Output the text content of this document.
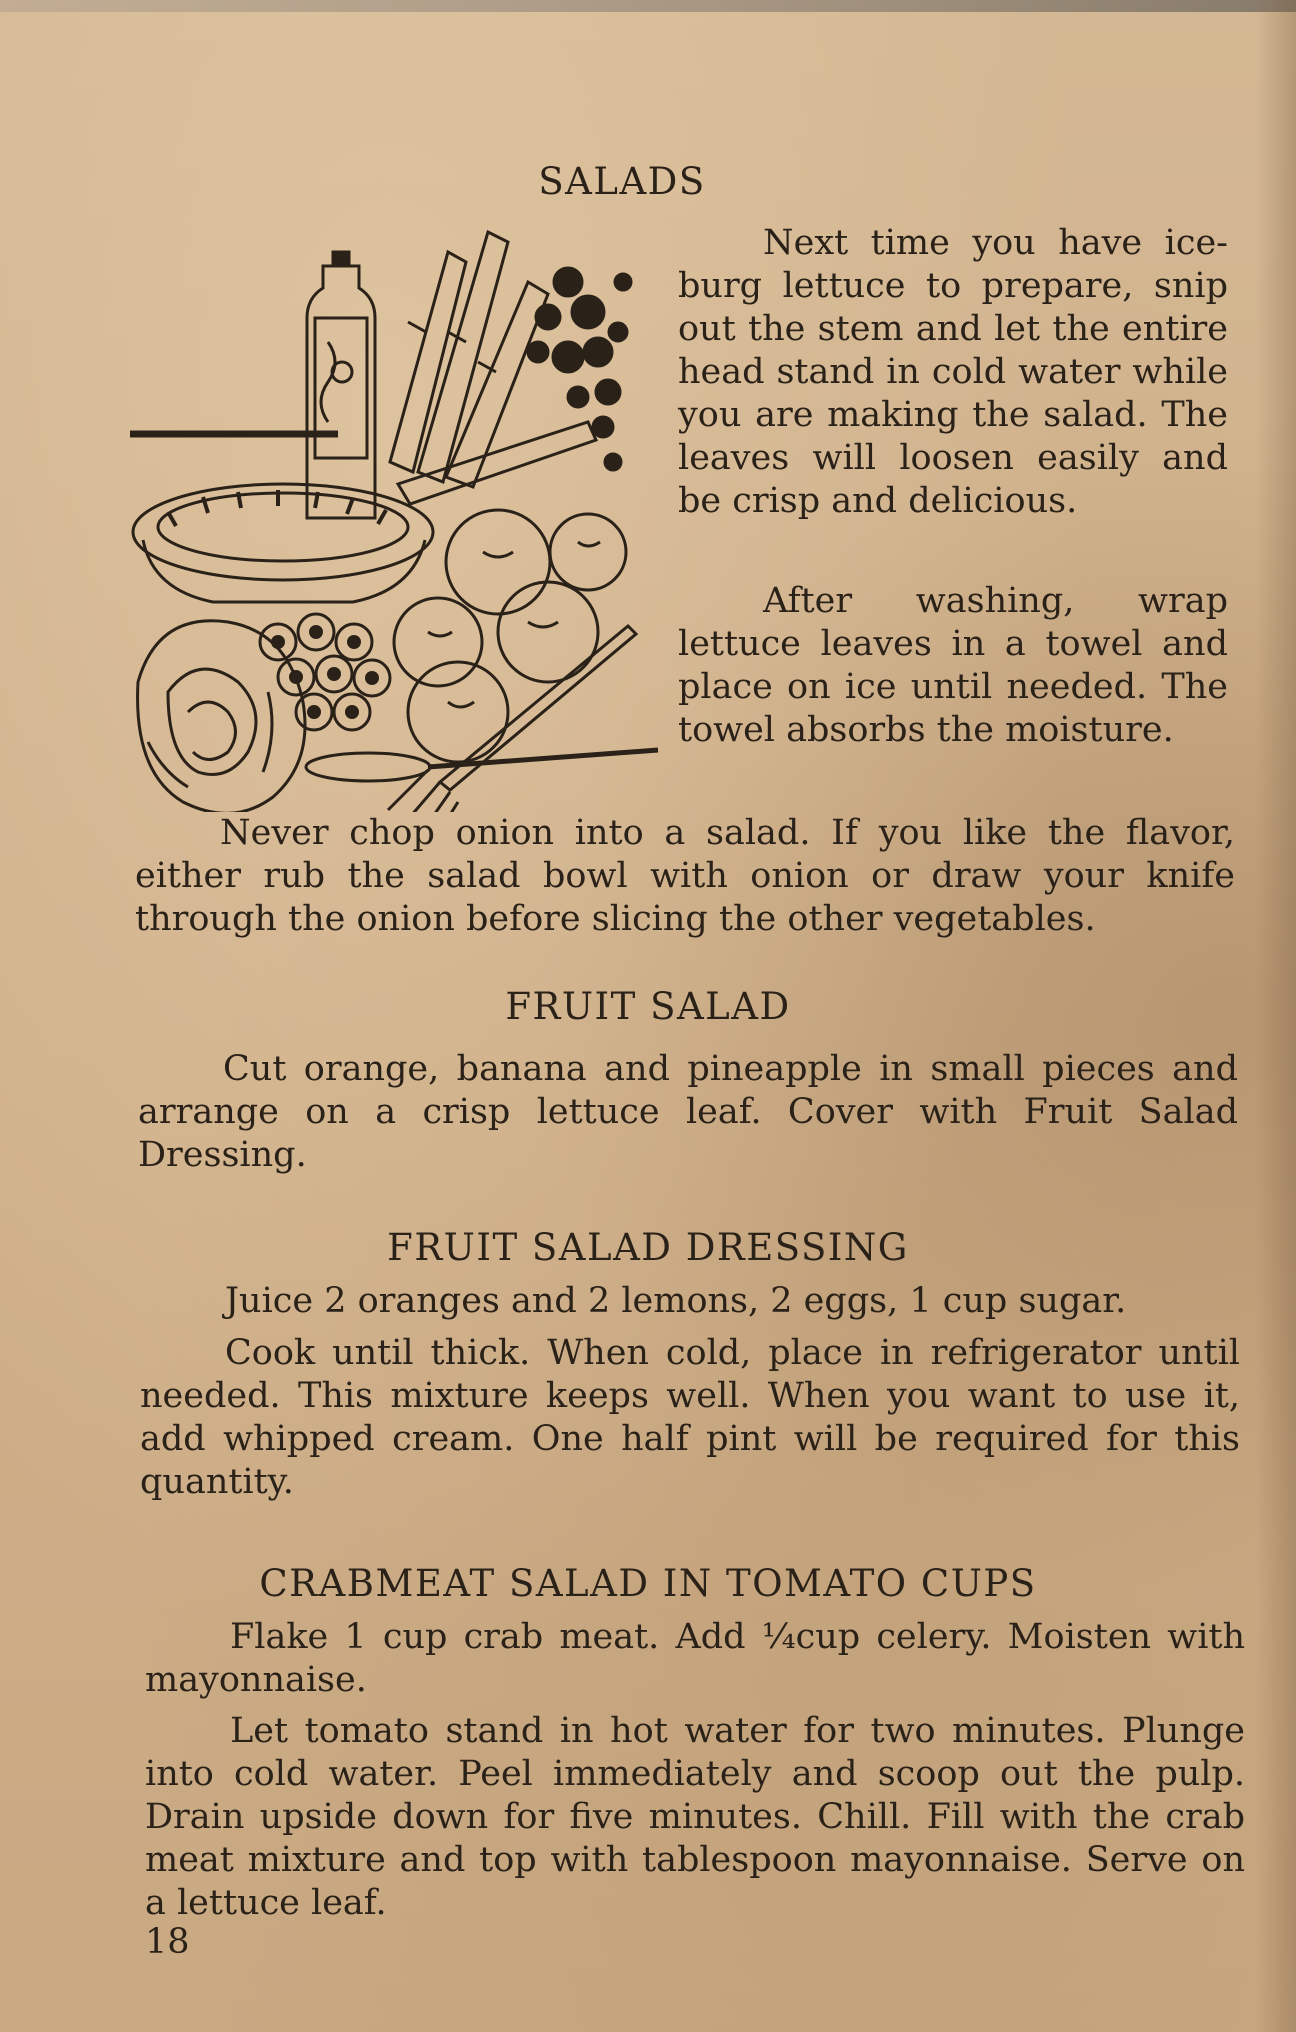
SALADS

Next time you have ice-burg lettuce to prepare, snip out the stem and let the entire head stand in cold water while you are making the salad. The leaves will loosen easily and be crisp and delicious.

After washing, wrap lettuce leaves in a towel and place on ice until needed. The towel absorbs the moisture.

Never chop onion into a salad. If you like the flavor, either rub the salad bowl with onion or draw your knife through the onion before slicing the other vegetables.

FRUIT SALAD

Cut orange, banana and pineapple in small pieces and arrange on a crisp lettuce leaf. Cover with Fruit Salad Dressing.

FRUIT SALAD DRESSING

Juice 2 oranges and 2 lemons, 2 eggs, 1 cup sugar.

Cook until thick. When cold, place in refrigerator until needed. This mixture keeps well. When you want to use it, add whipped cream. One half pint will be required for this quantity.

CRABMEAT SALAD IN TOMATO CUPS

Flake 1 cup crab meat. Add ¼cup celery. Moisten with mayonnaise.

Let tomato stand in hot water for two minutes. Plunge into cold water. Peel immediately and scoop out the pulp. Drain upside down for five minutes. Chill. Fill with the crab meat mixture and top with tablespoon mayonnaise. Serve on a lettuce leaf.

18
